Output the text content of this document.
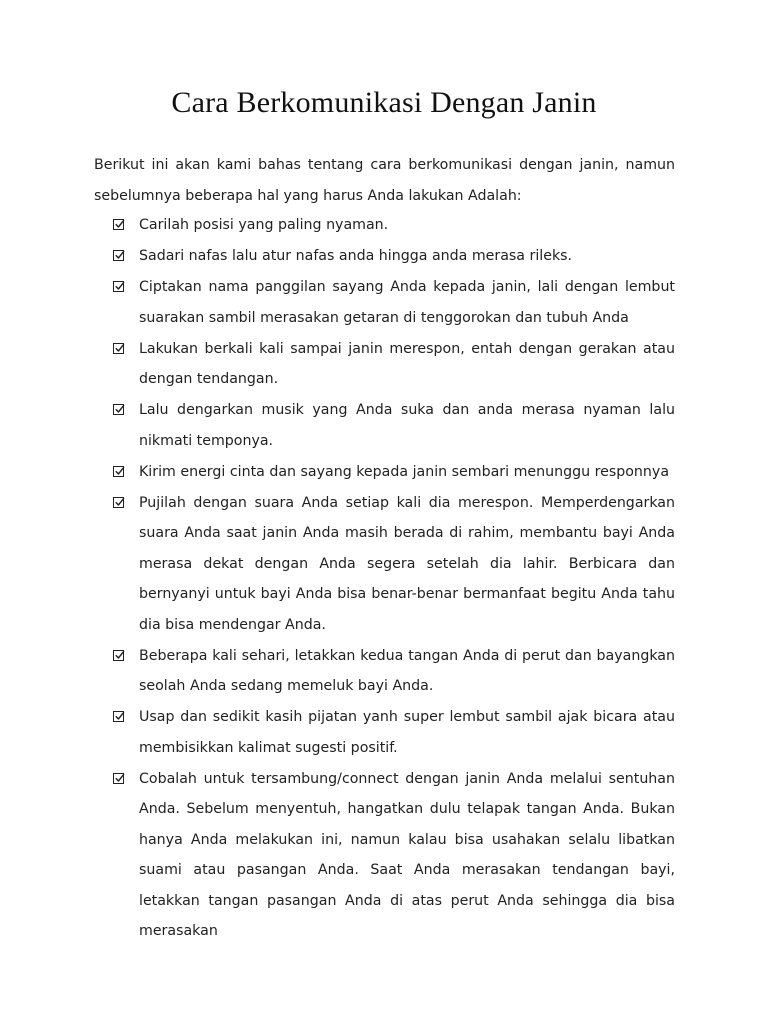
Cara Berkomunikasi Dengan Janin

Berikut ini akan kami bahas tentang cara berkomunikasi dengan janin, namun sebelumnya beberapa hal yang harus Anda lakukan Adalah:

Carilah posisi yang paling nyaman.
Sadari nafas lalu atur nafas anda hingga anda merasa rileks.
Ciptakan nama panggilan sayang Anda kepada janin, lali dengan lembut suarakan sambil merasakan getaran di tenggorokan dan tubuh Anda
Lakukan berkali kali sampai janin merespon, entah dengan gerakan atau dengan tendangan.
Lalu dengarkan musik yang Anda suka dan anda merasa nyaman lalu nikmati temponya.
Kirim energi cinta dan sayang kepada janin sembari menunggu responnya
Pujilah dengan suara Anda setiap kali dia merespon. Memperdengarkan suara Anda saat janin Anda masih berada di rahim, membantu bayi Anda merasa dekat dengan Anda segera setelah dia lahir. Berbicara dan bernyanyi untuk bayi Anda bisa benar-benar bermanfaat begitu Anda tahu dia bisa mendengar Anda.
Beberapa kali sehari, letakkan kedua tangan Anda di perut dan bayangkan seolah Anda sedang memeluk bayi Anda.
Usap dan sedikit kasih pijatan yanh super lembut sambil ajak bicara atau membisikkan kalimat sugesti positif.
Cobalah untuk tersambung/connect dengan janin Anda melalui sentuhan Anda. Sebelum menyentuh, hangatkan dulu telapak tangan Anda. Bukan hanya Anda melakukan ini, namun kalau bisa usahakan selalu libatkan suami atau pasangan Anda. Saat Anda merasakan tendangan bayi, letakkan tangan pasangan Anda di atas perut Anda sehingga dia bisa merasakan
